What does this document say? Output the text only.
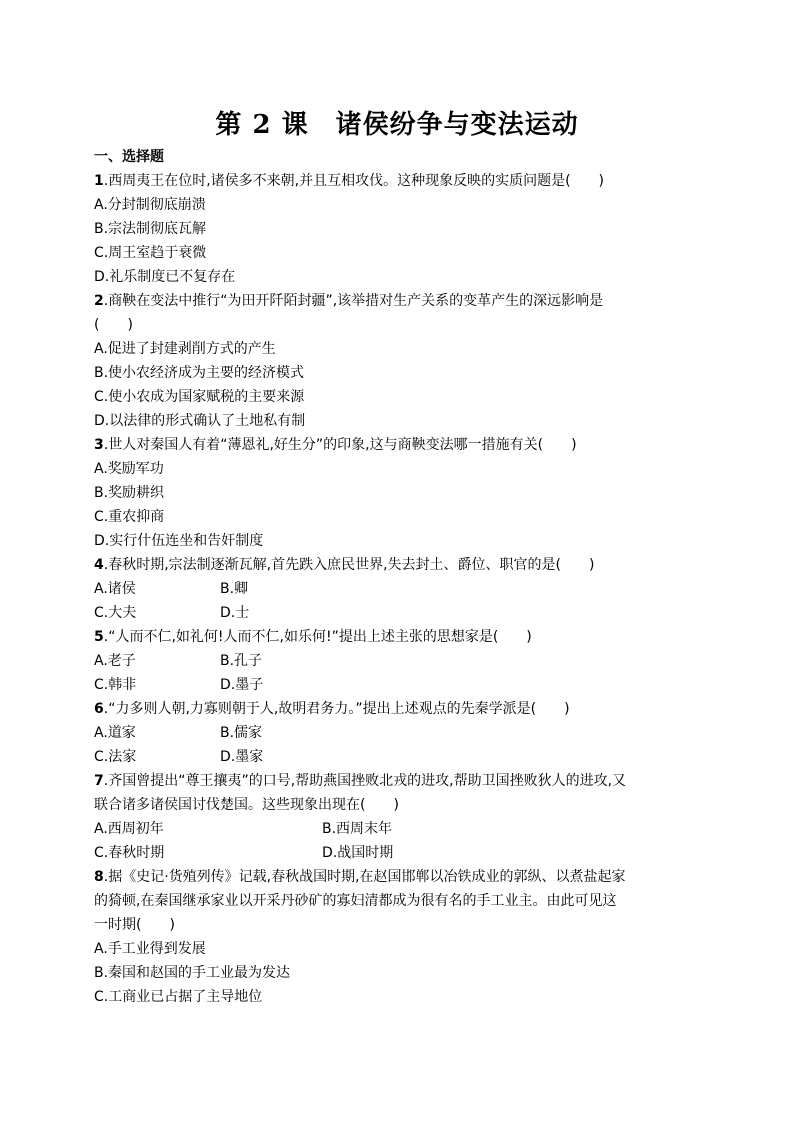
第 2 课　诸侯纷争与变法运动
一、选择题
1.西周夷王在位时,诸侯多不来朝,并且互相攻伐。这种现象反映的实质问题是(　　)
A.分封制彻底崩溃
B.宗法制彻底瓦解
C.周王室趋于衰微
D.礼乐制度已不复存在
2.商鞅在变法中推行“为田开阡陌封疆”,该举措对生产关系的变革产生的深远影响是
(　　)
A.促进了封建剥削方式的产生
B.使小农经济成为主要的经济模式
C.使小农成为国家赋税的主要来源
D.以法律的形式确认了土地私有制
3.世人对秦国人有着“薄恩礼,好生分”的印象,这与商鞅变法哪一措施有关(　　)
A.奖励军功
B.奖励耕织
C.重农抑商
D.实行什伍连坐和告奸制度
4.春秋时期,宗法制逐渐瓦解,首先跌入庶民世界,失去封土、爵位、职官的是(　　)
A.诸侯	B.卿
C.大夫	D.士
5.“人而不仁,如礼何!人而不仁,如乐何!”提出上述主张的思想家是(　　)
A.老子	B.孔子
C.韩非	D.墨子
6.“力多则人朝,力寡则朝于人,故明君务力。”提出上述观点的先秦学派是(　　)
A.道家	B.儒家
C.法家	D.墨家
7.齐国曾提出“尊王攘夷”的口号,帮助燕国挫败北戎的进攻,帮助卫国挫败狄人的进攻,又
联合诸多诸侯国讨伐楚国。这些现象出现在(　　)
A.西周初年	B.西周末年
C.春秋时期	D.战国时期
8.据《史记·货殖列传》记载,春秋战国时期,在赵国邯郸以冶铁成业的郭纵、以煮盐起家
的猗顿,在秦国继承家业以开采丹砂矿的寡妇清都成为很有名的手工业主。由此可见这
一时期(　　)
A.手工业得到发展
B.秦国和赵国的手工业最为发达
C.工商业已占据了主导地位
